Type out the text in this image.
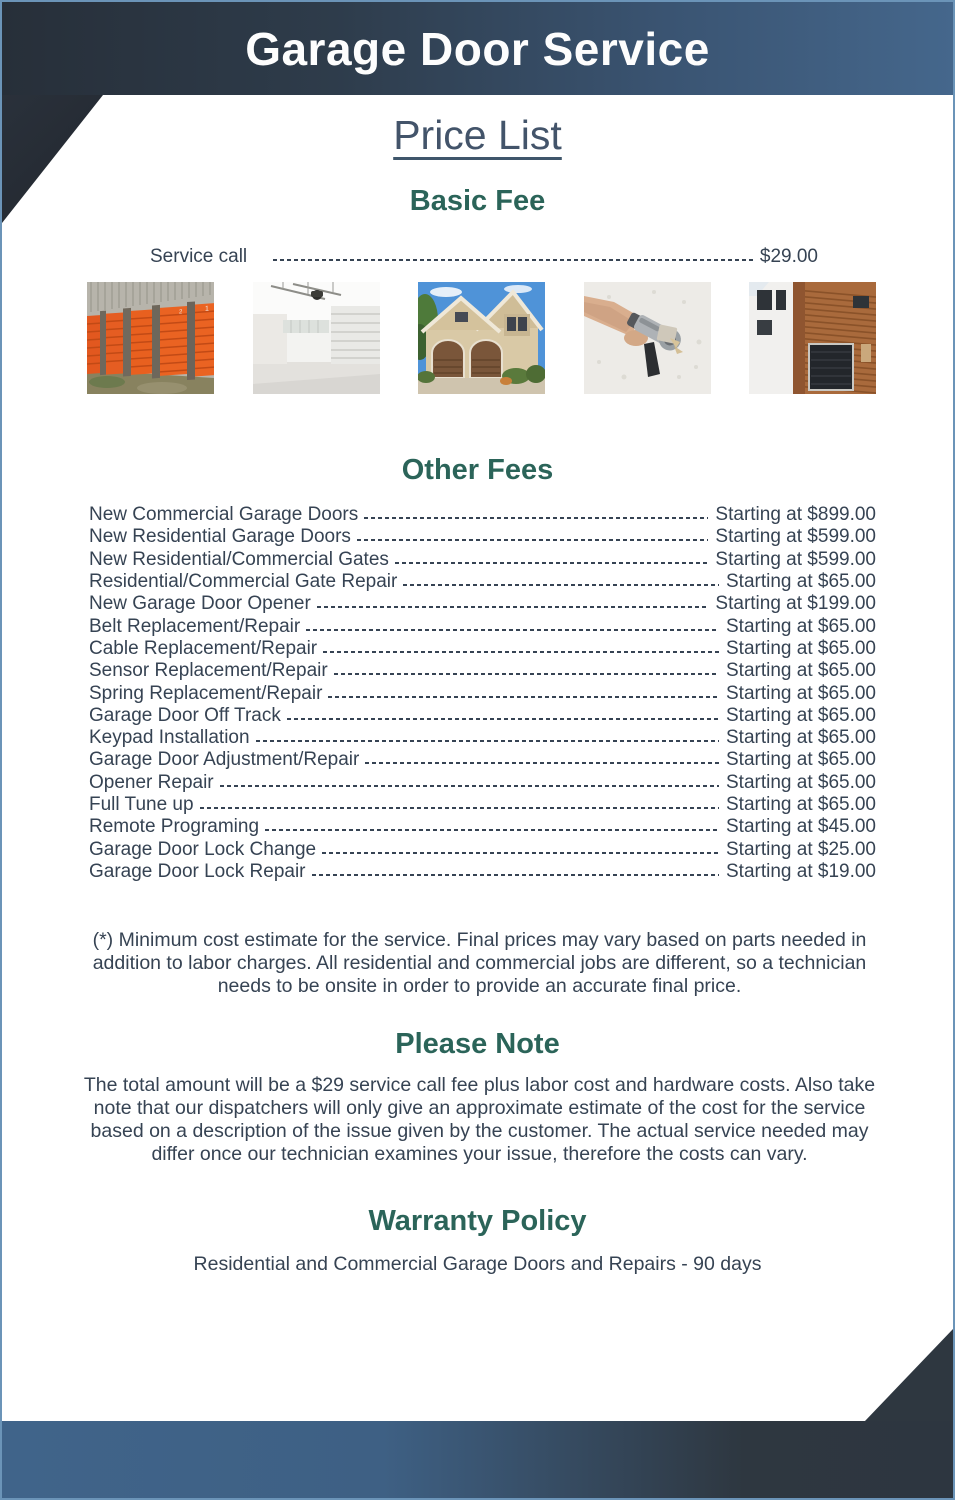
Garage Door Service
Price List
Basic Fee
Service call	$29.00
1
2
Other Fees
New Commercial Garage Doors	Starting at $899.00
New Residential Garage Doors	Starting at $599.00
New Residential/Commercial Gates	Starting at $599.00
Residential/Commercial Gate Repair	Starting at $65.00
New Garage Door Opener	Starting at $199.00
Belt Replacement/Repair	Starting at $65.00
Cable Replacement/Repair	Starting at $65.00
Sensor Replacement/Repair	Starting at $65.00
Spring Replacement/Repair	Starting at $65.00
Garage Door Off Track	Starting at $65.00
Keypad Installation	Starting at $65.00
Garage Door Adjustment/Repair	Starting at $65.00
Opener Repair	Starting at $65.00
Full Tune up	Starting at $65.00
Remote Programing	Starting at $45.00
Garage Door Lock Change	Starting at $25.00
Garage Door Lock Repair	Starting at $19.00
(*) Minimum cost estimate for the service. Final prices may vary based on parts needed in addition to labor charges. All residential and commercial jobs are different, so a technician needs to be onsite in order to provide an accurate final price.
Please Note
The total amount will be a $29 service call fee plus labor cost and hardware costs. Also take note that our dispatchers will only give an approximate estimate of the cost for the service based on a description of the issue given by the customer. The actual service needed may differ once our technician examines your issue, therefore the costs can vary.
Warranty Policy
Residential and Commercial Garage Doors and Repairs - 90 days
